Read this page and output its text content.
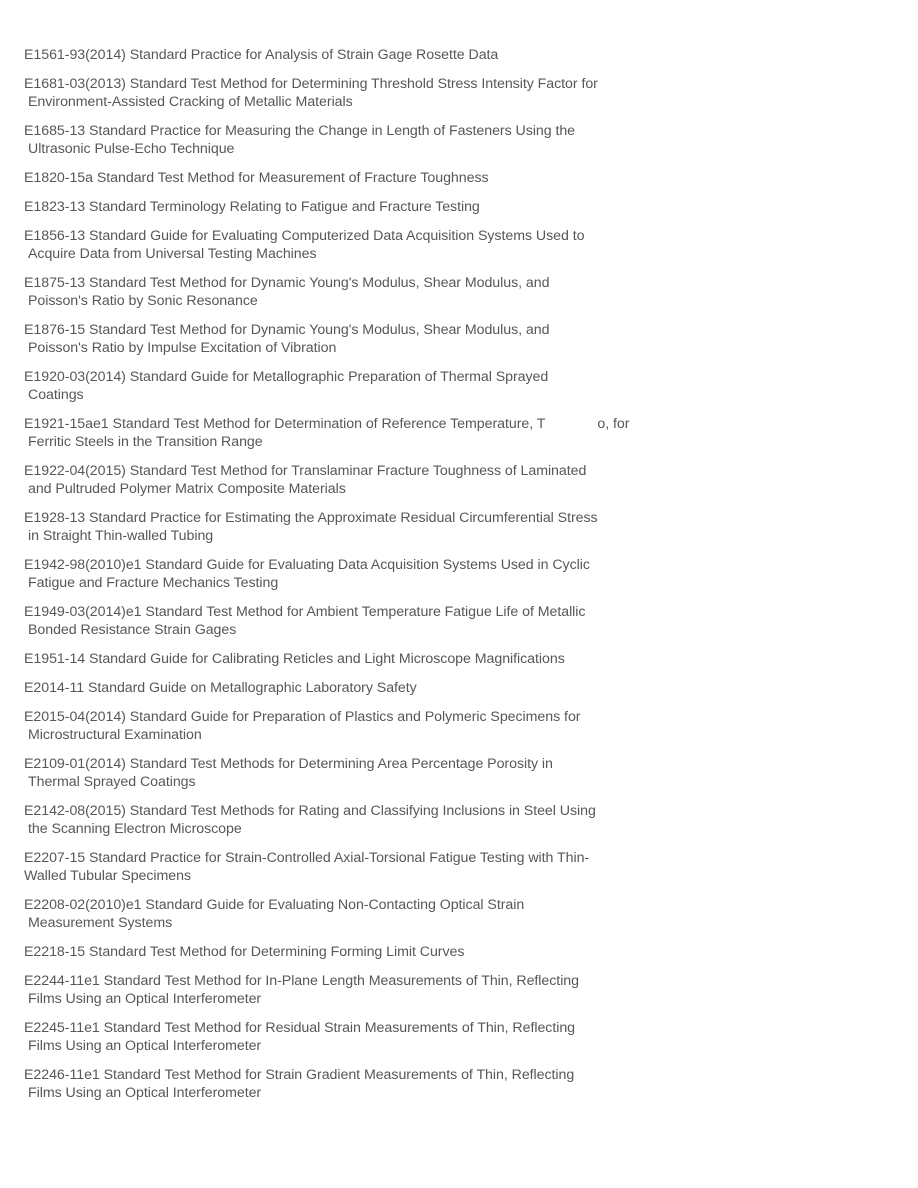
E1561-93(2014) Standard Practice for Analysis of Strain Gage Rosette Data
E1681-03(2013) Standard Test Method for Determining Threshold Stress Intensity Factor for
Environment-Assisted Cracking of Metallic Materials
E1685-13 Standard Practice for Measuring the Change in Length of Fasteners Using the
Ultrasonic Pulse-Echo Technique
E1820-15a Standard Test Method for Measurement of Fracture Toughness
E1823-13 Standard Terminology Relating to Fatigue and Fracture Testing
E1856-13 Standard Guide for Evaluating Computerized Data Acquisition Systems Used to
Acquire Data from Universal Testing Machines
E1875-13 Standard Test Method for Dynamic Young's Modulus, Shear Modulus, and
Poisson's Ratio by Sonic Resonance
E1876-15 Standard Test Method for Dynamic Young's Modulus, Shear Modulus, and
Poisson's Ratio by Impulse Excitation of Vibration
E1920-03(2014) Standard Guide for Metallographic Preparation of Thermal Sprayed
Coatings
E1921-15ae1 Standard Test Method for Determination of Reference Temperature, T	o, for
Ferritic Steels in the Transition Range
E1922-04(2015) Standard Test Method for Translaminar Fracture Toughness of Laminated
and Pultruded Polymer Matrix Composite Materials
E1928-13 Standard Practice for Estimating the Approximate Residual Circumferential Stress
in Straight Thin-walled Tubing
E1942-98(2010)e1 Standard Guide for Evaluating Data Acquisition Systems Used in Cyclic
Fatigue and Fracture Mechanics Testing
E1949-03(2014)e1 Standard Test Method for Ambient Temperature Fatigue Life of Metallic
Bonded Resistance Strain Gages
E1951-14 Standard Guide for Calibrating Reticles and Light Microscope Magnifications
E2014-11 Standard Guide on Metallographic Laboratory Safety
E2015-04(2014) Standard Guide for Preparation of Plastics and Polymeric Specimens for
Microstructural Examination
E2109-01(2014) Standard Test Methods for Determining Area Percentage Porosity in
Thermal Sprayed Coatings
E2142-08(2015) Standard Test Methods for Rating and Classifying Inclusions in Steel Using
the Scanning Electron Microscope
E2207-15 Standard Practice for Strain-Controlled Axial-Torsional Fatigue Testing with Thin-
Walled Tubular Specimens
E2208-02(2010)e1 Standard Guide for Evaluating Non-Contacting Optical Strain
Measurement Systems
E2218-15 Standard Test Method for Determining Forming Limit Curves
E2244-11e1 Standard Test Method for In-Plane Length Measurements of Thin, Reflecting
Films Using an Optical Interferometer
E2245-11e1 Standard Test Method for Residual Strain Measurements of Thin, Reflecting
Films Using an Optical Interferometer
E2246-11e1 Standard Test Method for Strain Gradient Measurements of Thin, Reflecting
Films Using an Optical Interferometer
